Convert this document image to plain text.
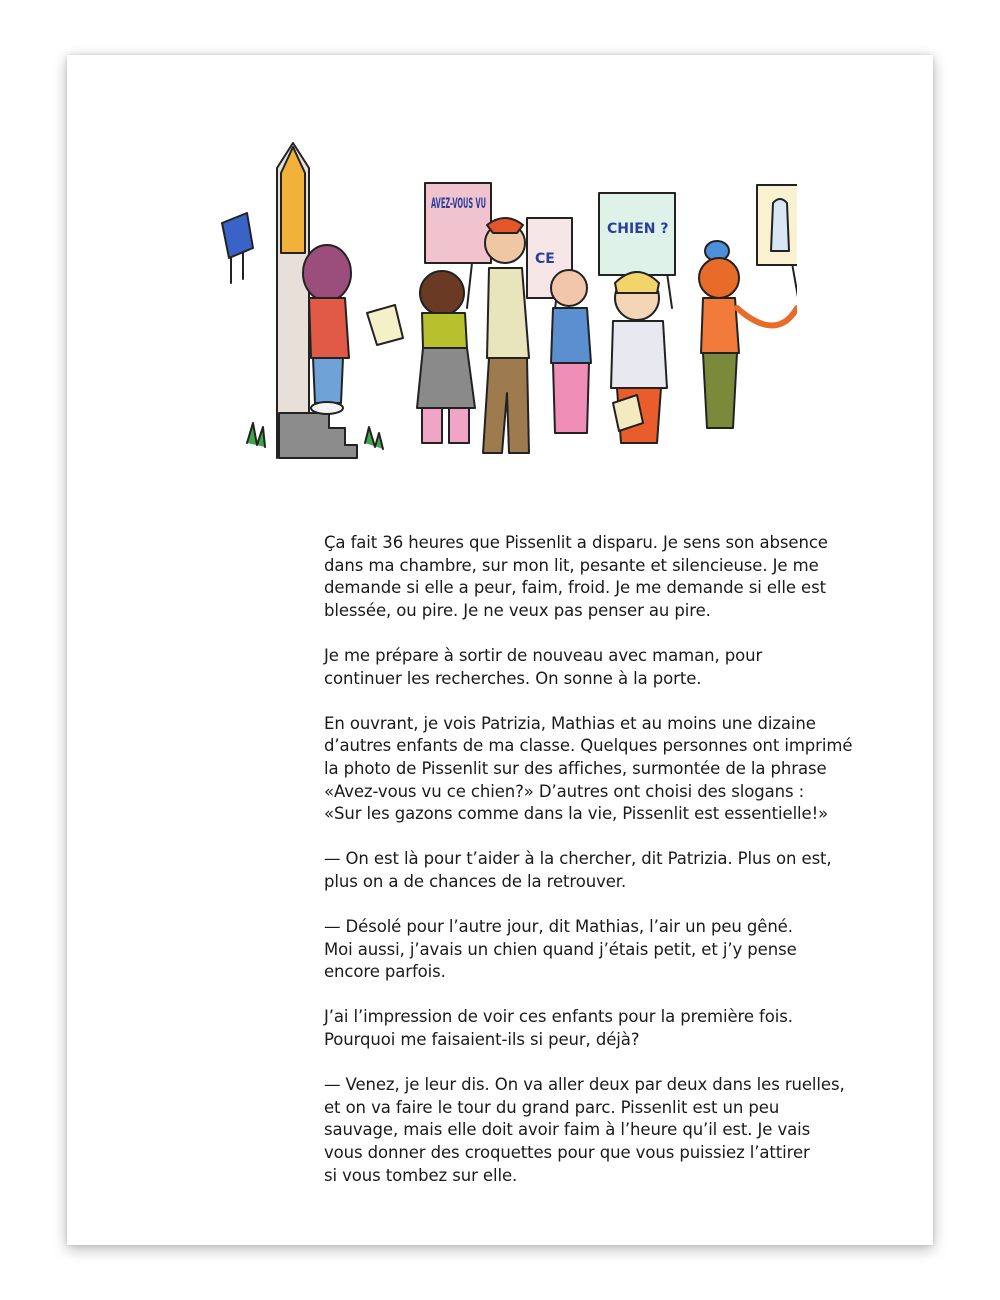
AVEZ-VOUS VU
CE
CHIEN ?

Ça fait 36 heures que Pissenlit a disparu. Je sens son absence
dans ma chambre, sur mon lit, pesante et silencieuse. Je me
demande si elle a peur, faim, froid. Je me demande si elle est
blessée, ou pire. Je ne veux pas penser au pire.

Je me prépare à sortir de nouveau avec maman, pour
continuer les recherches. On sonne à la porte.

En ouvrant, je vois Patrizia, Mathias et au moins une dizaine
d’autres enfants de ma classe. Quelques personnes ont imprimé
la photo de Pissenlit sur des affiches, surmontée de la phrase
«Avez-vous vu ce chien?» D’autres ont choisi des slogans :
«Sur les gazons comme dans la vie, Pissenlit est essentielle!»

— On est là pour t’aider à la chercher, dit Patrizia. Plus on est,
plus on a de chances de la retrouver.

— Désolé pour l’autre jour, dit Mathias, l’air un peu gêné.
Moi aussi, j’avais un chien quand j’étais petit, et j’y pense
encore parfois.

J’ai l’impression de voir ces enfants pour la première fois.
Pourquoi me faisaient-ils si peur, déjà?

— Venez, je leur dis. On va aller deux par deux dans les ruelles,
et on va faire le tour du grand parc. Pissenlit est un peu
sauvage, mais elle doit avoir faim à l’heure qu’il est. Je vais
vous donner des croquettes pour que vous puissiez l’attirer
si vous tombez sur elle.
